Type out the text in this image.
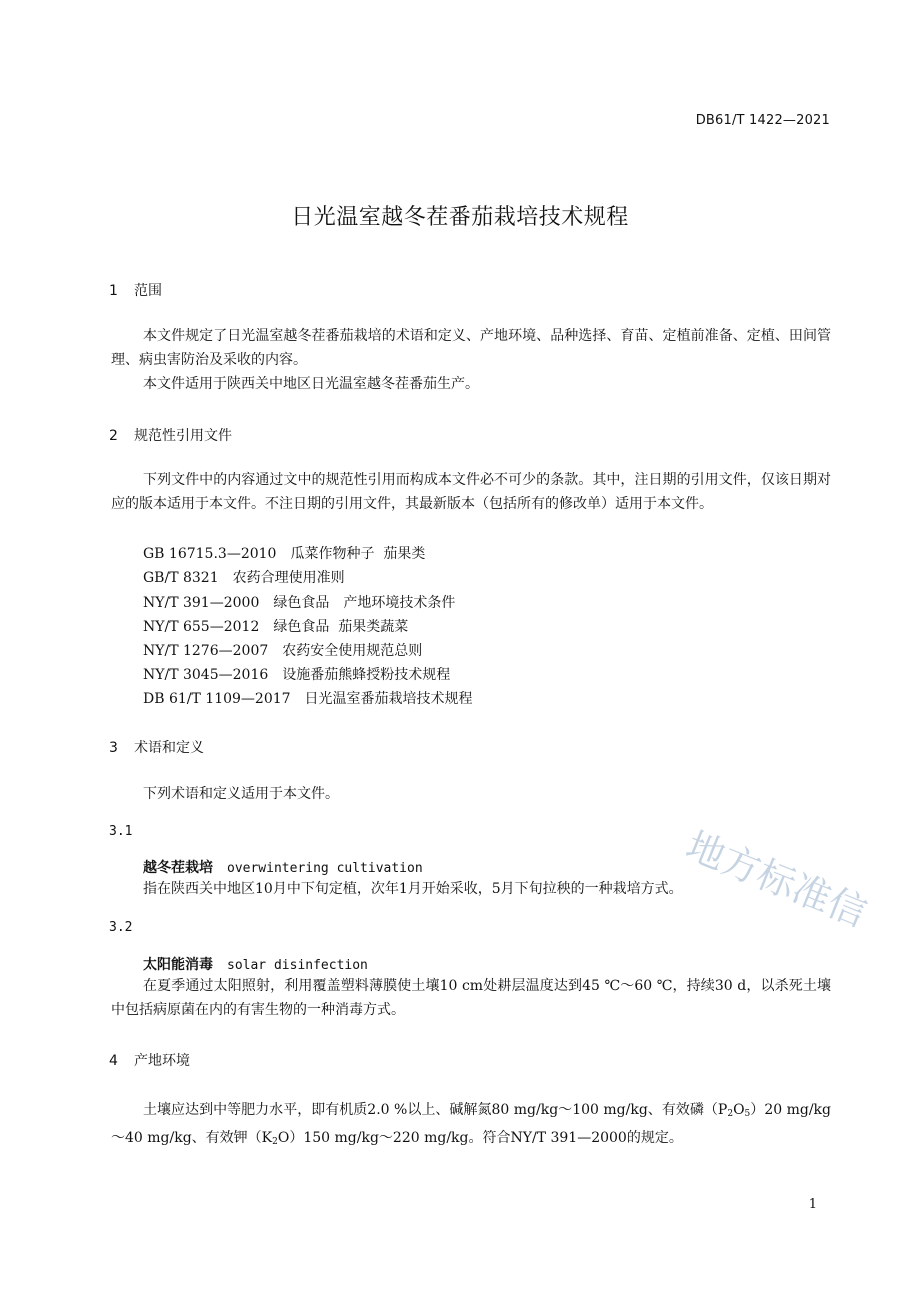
DB61/T 1422—2021
日光温室越冬茬番茄栽培技术规程
1 范围
本文件规定了日光温室越冬茬番茄栽培的术语和定义、产地环境、品种选择、育苗、定植前准备、定植、田间管理、病虫害防治及采收的内容。
本文件适用于陕西关中地区日光温室越冬茬番茄生产。
2 规范性引用文件
下列文件中的内容通过文中的规范性引用而构成本文件必不可少的条款。其中，注日期的引用文件，仅该日期对应的版本适用于本文件。不注日期的引用文件，其最新版本（包括所有的修改单）适用于本文件。
GB 16715.3—2010　瓜菜作物种子  茄果类
GB/T 8321　农药合理使用准则
NY/T 391—2000　绿色食品　产地环境技术条件
NY/T 655—2012　绿色食品  茄果类蔬菜
NY/T 1276—2007　农药安全使用规范总则
NY/T 3045—2016　设施番茄熊蜂授粉技术规程
DB 61/T 1109—2017　日光温室番茄栽培技术规程
3 术语和定义
下列术语和定义适用于本文件。
3.1
越冬茬栽培 overwintering cultivation
指在陕西关中地区10月中下旬定植，次年1月开始采收，5月下旬拉秧的一种栽培方式。
3.2
太阳能消毒 solar disinfection
在夏季通过太阳照射，利用覆盖塑料薄膜使土壤10 cm处耕层温度达到45 ℃～60 ℃，持续30 d，以杀死土壤中包括病原菌在内的有害生物的一种消毒方式。
4 产地环境
土壤应达到中等肥力水平，即有机质2.0 %以上、碱解氮80 mg/kg～100 mg/kg、有效磷$(P_2O_5)20$ mg/kg～40 mg/kg、有效钾$(K_2O)150$ mg/kg～220 mg/kg。符合NY/T 391—2000的规定。
1
地方标准信
